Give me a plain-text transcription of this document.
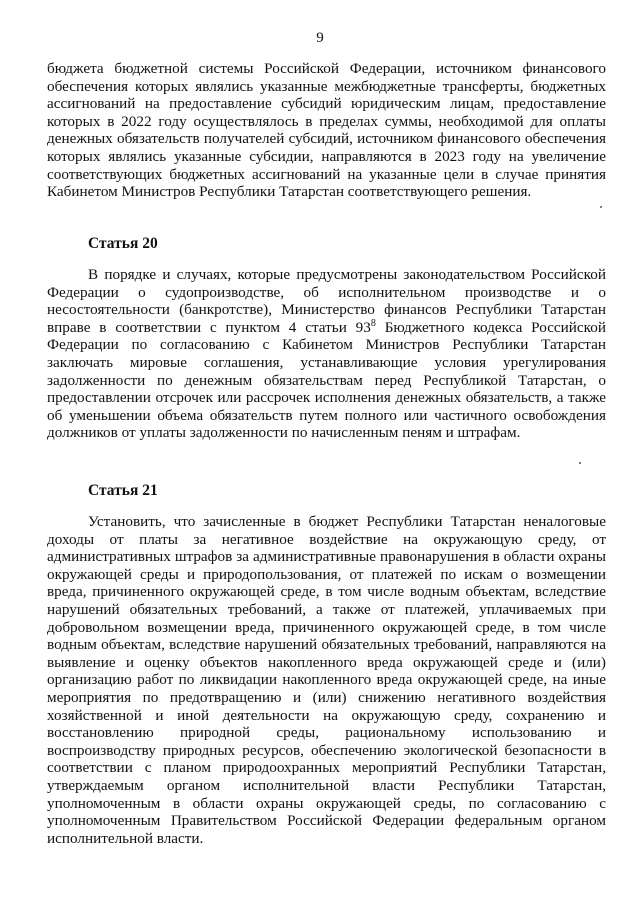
9

бюджета бюджетной системы Российской Федерации, источником финансового обеспечения которых являлись указанные межбюджетные трансферты, бюджетных ассигнований на предоставление субсидий юридическим лицам, предоставление которых в 2022 году осуществлялось в пределах суммы, необходимой для оплаты денежных обязательств получателей субсидий, источником финансового обеспечения которых являлись указанные субсидии, направляются в 2023 году на увеличение соответствующих бюджетных ассигнований на указанные цели в случае принятия Кабинетом Министров Республики Татарстан соответствующего решения.

Статья 20

В порядке и случаях, которые предусмотрены законодательством Российской Федерации о судопроизводстве, об исполнительном производстве и о несостоятельности (банкротстве), Министерство финансов Республики Татарстан вправе в соответствии с пунктом 4 статьи $93^8$ Бюджетного кодекса Российской Федерации по согласованию с Кабинетом Министров Республики Татарстан заключать мировые соглашения, устанавливающие условия урегулирования задолженности по денежным обязательствам перед Республикой Татарстан, о предоставлении отсрочек или рассрочек исполнения денежных обязательств, а также об уменьшении объема обязательств путем полного или частичного освобождения должников от уплаты задолженности по начисленным пеням и штрафам.

Статья 21

Установить, что зачисленные в бюджет Республики Татарстан неналоговые доходы от платы за негативное воздействие на окружающую среду, от административных штрафов за административные правонарушения в области охраны окружающей среды и природопользования, от платежей по искам о возмещении вреда, причиненного окружающей среде, в том числе водным объектам, вследствие нарушений обязательных требований, а также от платежей, уплачиваемых при добровольном возмещении вреда, причиненного окружающей среде, в том числе водным объектам, вследствие нарушений обязательных требований, направляются на выявление и оценку объектов накопленного вреда окружающей среде и (или) организацию работ по ликвидации накопленного вреда окружающей среде, на иные мероприятия по предотвращению и (или) снижению негативного воздействия хозяйственной и иной деятельности на окружающую среду, сохранению и восстановлению природной среды, рациональному использованию и воспроизводству природных ресурсов, обеспечению экологической безопасности в соответствии с планом природоохранных мероприятий Республики Татарстан, утверждаемым органом исполнительной власти Республики Татарстан, уполномоченным в области охраны окружающей среды, по согласованию с уполномоченным Правительством Российской Федерации федеральным органом исполнительной власти.
